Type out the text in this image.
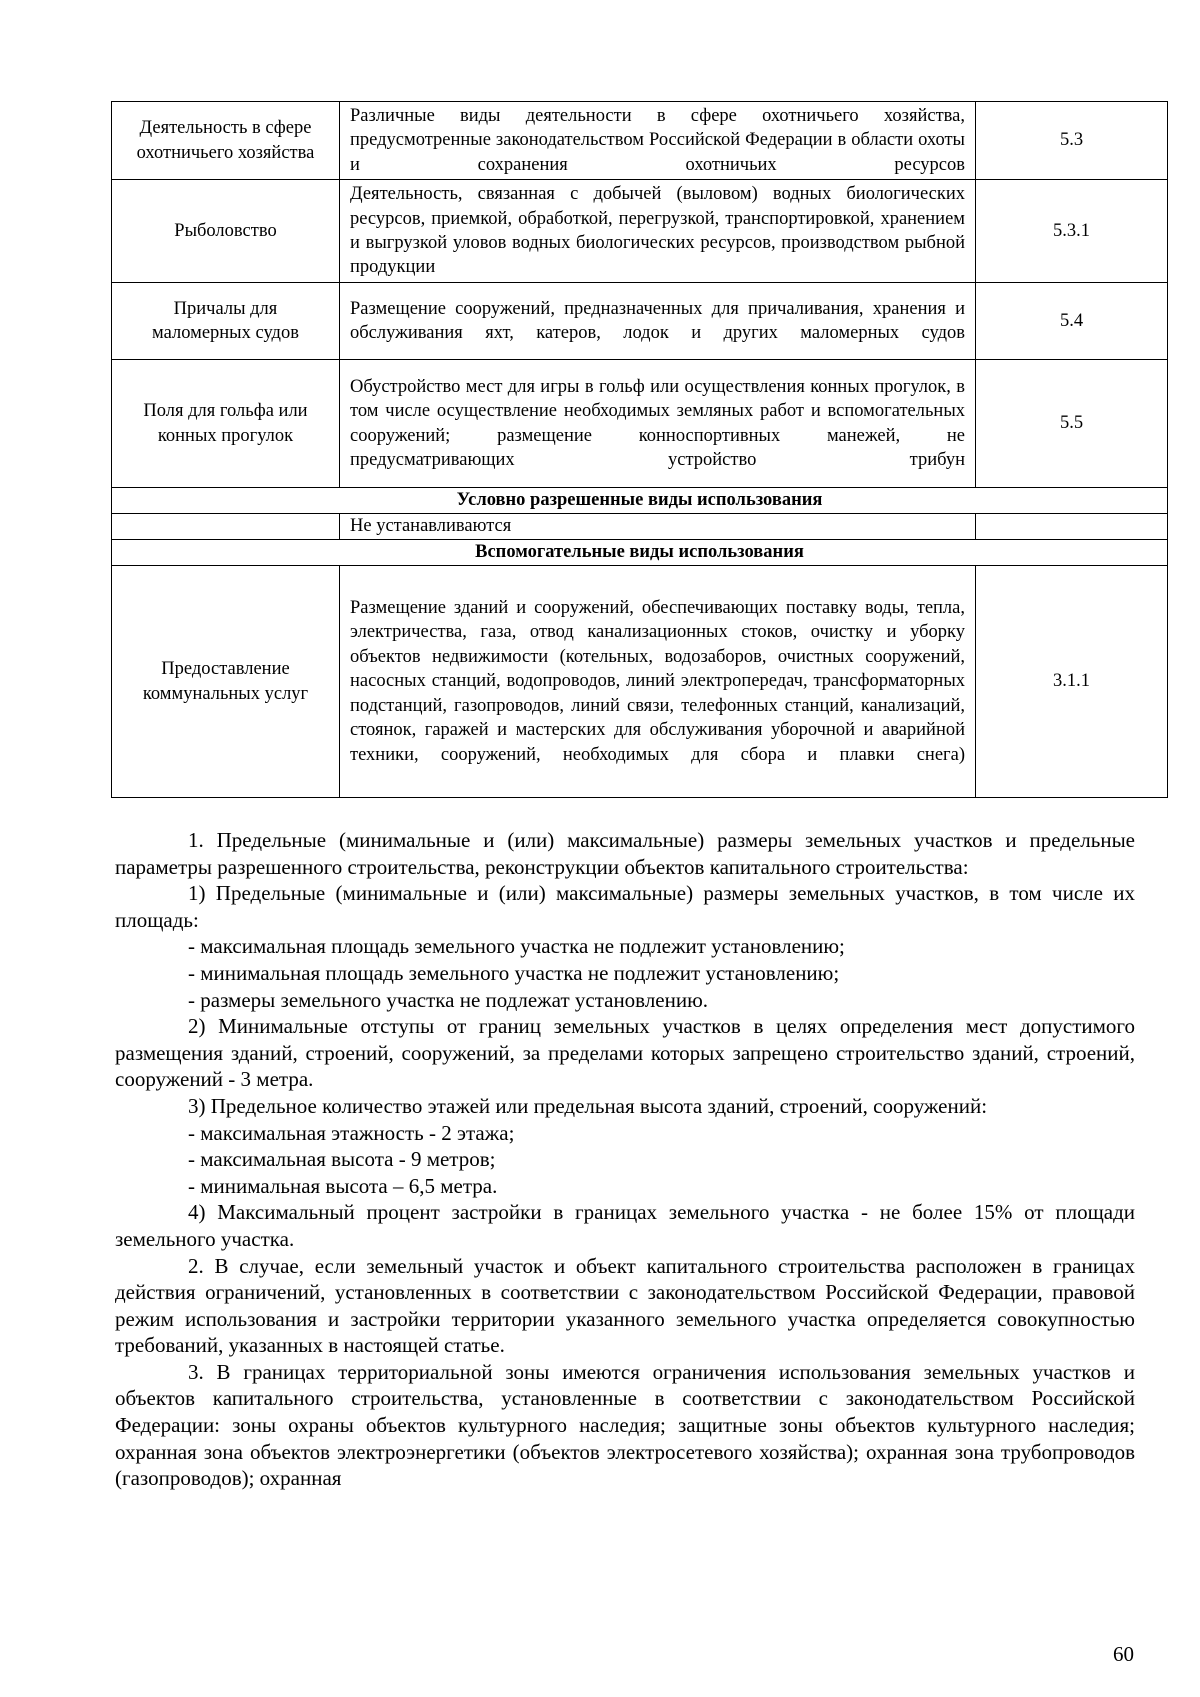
Деятельность в сфере охотничьего хозяйства	Различные виды деятельности в сфере охотничьего хозяйства, предусмотренные законодательством Российской Федерации в области охоты и сохранения охотничьих ресурсов	5.3
Рыболовство	Деятельность, связанная с добычей (выловом) водных биологических ресурсов, приемкой, обработкой, перегрузкой, транспортировкой, хранением и выгрузкой уловов водных биологических ресурсов, производством рыбной продукции	5.3.1
Причалы для маломерных судов	Размещение сооружений, предназначенных для причаливания, хранения и обслуживания яхт, катеров, лодок и других маломерных судов	5.4
Поля для гольфа или конных прогулок	Обустройство мест для игры в гольф или осуществления конных прогулок, в том числе осуществление необходимых земляных работ и вспомогательных сооружений; размещение конноспортивных манежей, не предусматривающих устройство трибун	5.5
Условно разрешенные виды использования		
	Не устанавливаются	
Вспомогательные виды использования		
Предоставление коммунальных услуг	Размещение зданий и сооружений, обеспечивающих поставку воды, тепла, электричества, газа, отвод канализационных стоков, очистку и уборку объектов недвижимости (котельных, водозаборов, очистных сооружений, насосных станций, водопроводов, линий электропередач, трансформаторных подстанций, газопроводов, линий связи, телефонных станций, канализаций, стоянок, гаражей и мастерских для обслуживания уборочной и аварийной техники, сооружений, необходимых для сбора и плавки снега)	3.1.1

1. Предельные (минимальные и (или) максимальные) размеры земельных участков и предельные параметры разрешенного строительства, реконструкции объектов капитального строительства:

1) Предельные (минимальные и (или) максимальные) размеры земельных участков, в том числе их площадь:

- максимальная площадь земельного участка не подлежит установлению;

- минимальная площадь земельного участка не подлежит установлению;

- размеры земельного участка не подлежат установлению.

2) Минимальные отступы от границ земельных участков в целях определения мест допустимого размещения зданий, строений, сооружений, за пределами которых запрещено строительство зданий, строений, сооружений - 3 метра.

3) Предельное количество этажей или предельная высота зданий, строений, сооружений:

- максимальная этажность - 2 этажа;

- максимальная высота - 9 метров;

- минимальная высота – 6,5 метра.

4) Максимальный процент застройки в границах земельного участка - не более 15% от площади земельного участка.

2. В случае, если земельный участок и объект капитального строительства расположен в границах действия ограничений, установленных в соответствии с законодательством Российской Федерации, правовой режим использования и застройки территории указанного земельного участка определяется совокупностью требований, указанных в настоящей статье.

3. В границах территориальной зоны имеются ограничения использования земельных участков и объектов капитального строительства, установленные в соответствии с законодательством Российской Федерации: зоны охраны объектов культурного наследия; защитные зоны объектов культурного наследия; охранная зона объектов электроэнергетики (объектов электросетевого хозяйства); охранная зона трубопроводов (газопроводов); охранная

60
